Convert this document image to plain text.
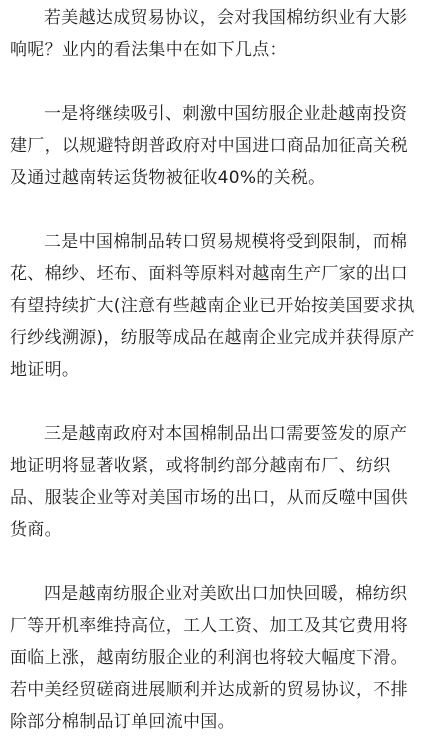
若美越达成贸易协议，会对我国棉纺织业有大影响呢？业内的看法集中在如下几点：

一是将继续吸引、刺激中国纺服企业赴越南投资建厂，以规避特朗普政府对中国进口商品加征高关税及通过越南转运货物被征收40%的关税。

二是中国棉制品转口贸易规模将受到限制，而棉花、棉纱、坯布、面料等原料对越南生产厂家的出口有望持续扩大(注意有些越南企业已开始按美国要求执行纱线溯源)，纺服等成品在越南企业完成并获得原产地证明。

三是越南政府对本国棉制品出口需要签发的原产地证明将显著收紧，或将制约部分越南布厂、纺织品、服装企业等对美国市场的出口，从而反噬中国供货商。

四是越南纺服企业对美欧出口加快回暖，棉纺织厂等开机率维持高位，工人工资、加工及其它费用将面临上涨，越南纺服企业的利润也将较大幅度下滑。若中美经贸磋商进展顺利并达成新的贸易协议，不排除部分棉制品订单回流中国。
